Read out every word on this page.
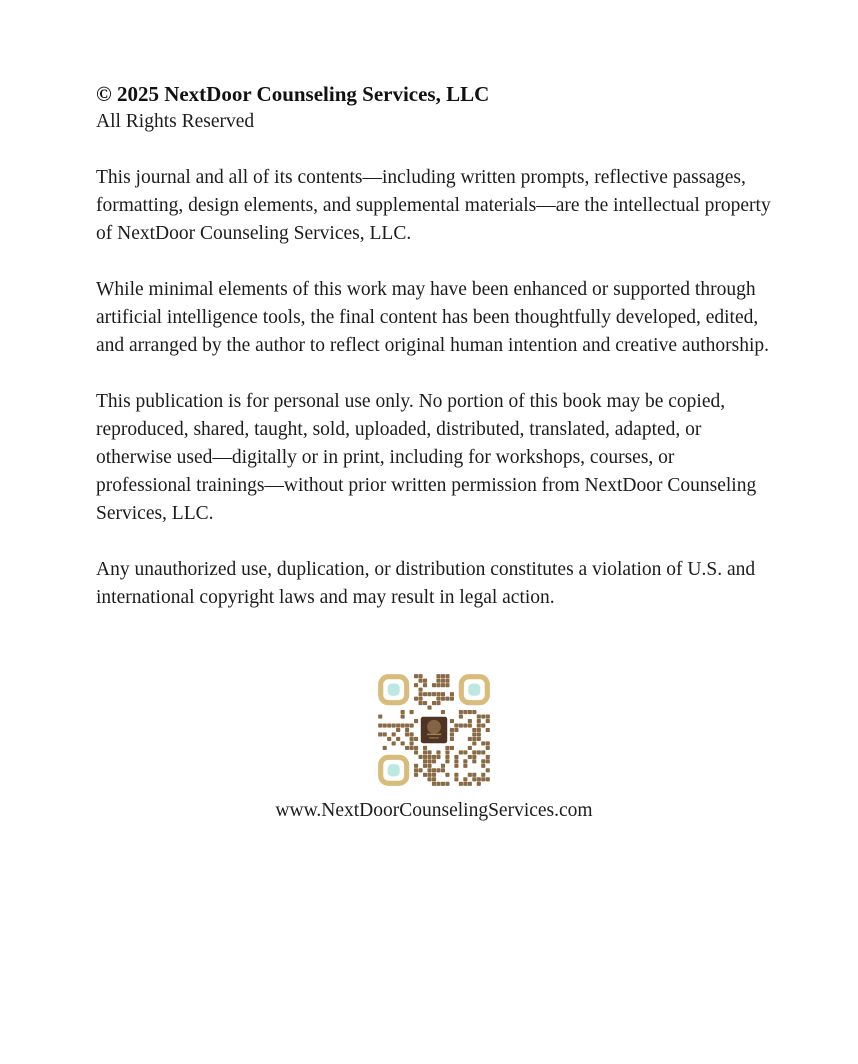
© 2025 NextDoor Counseling Services, LLC

All Rights Reserved

This journal and all of its contents—including written prompts, reflective passages, formatting, design elements, and supplemental materials—are the intellectual property of NextDoor Counseling Services, LLC.

While minimal elements of this work may have been enhanced or supported through artificial intelligence tools, the final content has been thoughtfully developed, edited, and arranged by the author to reflect original human intention and creative authorship.

This publication is for personal use only. No portion of this book may be copied, reproduced, shared, taught, sold, uploaded, distributed, translated, adapted, or otherwise used—digitally or in print, including for workshops, courses, or professional trainings—without prior written permission from NextDoor Counseling Services, LLC.

Any unauthorized use, duplication, or distribution constitutes a violation of U.S. and international copyright laws and may result in legal action.

www.NextDoorCounselingServices.com
